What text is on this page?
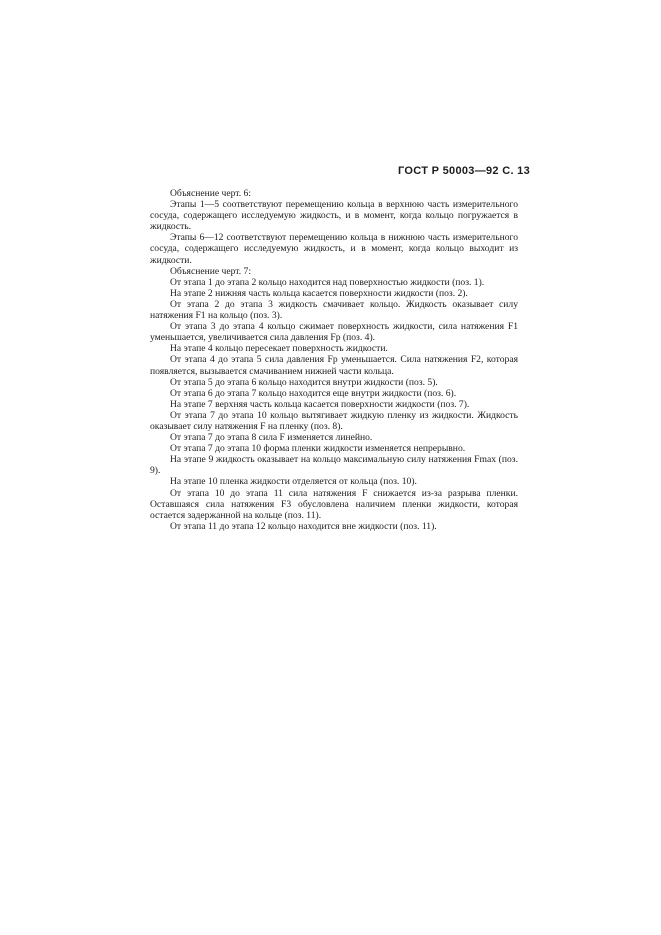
ГОСТ Р 50003—92 С. 13

Объяснение черт. 6:

Этапы 1—5 соответствуют перемещению кольца в верхнюю часть измерительного сосуда, содержащего исследуемую жидкость, и в момент, когда кольцо погружается в жидкость.

Этапы 6—12 соответствуют перемещению кольца в нижнюю часть измерительного сосуда, содержащего исследуемую жидкость, и в момент, когда кольцо выходит из жидкости.

Объяснение черт. 7:

От этапа 1 до этапа 2 кольцо находится над поверхностью жидкости (поз. 1).

На этапе 2 нижняя часть кольца касается поверхности жидкости (поз. 2).

От этапа 2 до этапа 3 жидкость смачивает кольцо. Жидкость оказывает силу натяжения F1 на кольцо (поз. 3).

От этапа 3 до этапа 4 кольцо сжимает поверхность жидкости, сила натяжения F1 уменьшается, увеличивается сила давления Fp (поз. 4).

На этапе 4 кольцо пересекает поверхность жидкости.

От этапа 4 до этапа 5 сила давления Fp уменьшается. Сила натяжения F2, которая появляется, вызывается смачиванием нижней части кольца.

От этапа 5 до этапа 6 кольцо находится внутри жидкости (поз. 5).

От этапа 6 до этапа 7 кольцо находится еще внутри жидкости (поз. 6).

На этапе 7 верхняя часть кольца касается поверхности жидкости (поз. 7).

От этапа 7 до этапа 10 кольцо вытягивает жидкую пленку из жидкости. Жидкость оказывает силу натяжения F на пленку (поз. 8).

От этапа 7 до этапа 8 сила F изменяется линейно.

От этапа 7 до этапа 10 форма пленки жидкости изменяется непрерывно.

На этапе 9 жидкость оказывает на кольцо максимальную силу натяжения Fmax (поз. 9).

На этапе 10 пленка жидкости отделяется от кольца (поз. 10).

От этапа 10 до этапа 11 сила натяжения F снижается из-за разрыва пленки. Оставшаяся сила натяжения F3 обусловлена наличием пленки жидкости, которая остается задержанной на кольце (поз. 11).

От этапа 11 до этапа 12 кольцо находится вне жидкости (поз. 11).
